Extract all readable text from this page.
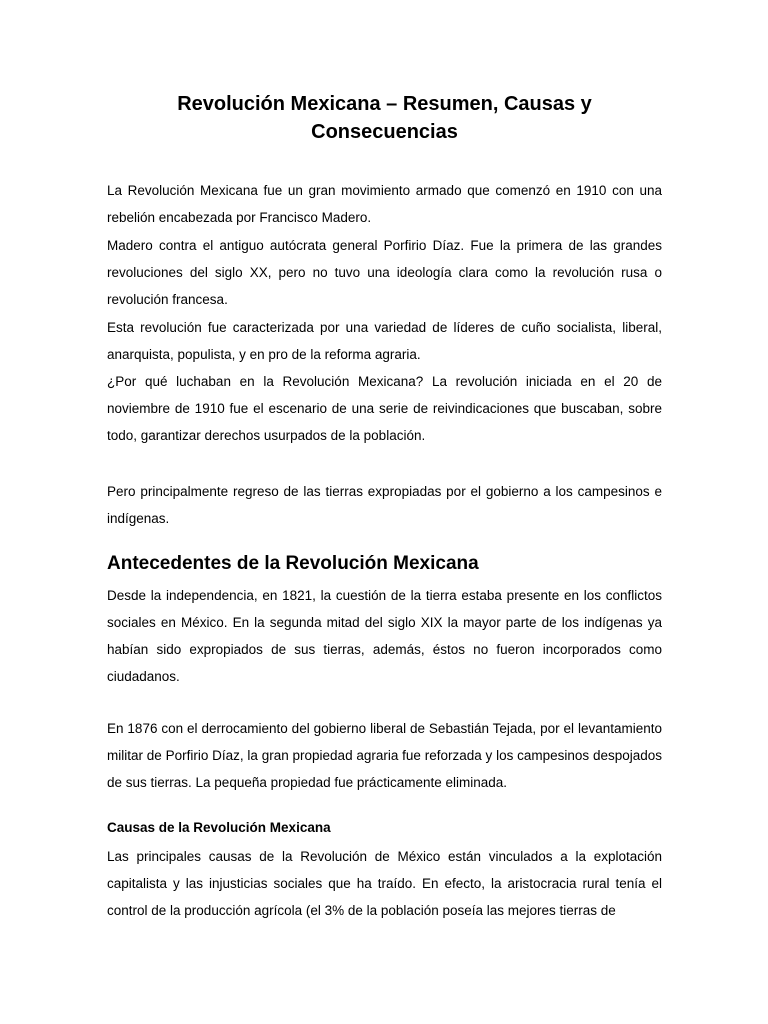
Revolución Mexicana – Resumen, Causas y
Consecuencias

La Revolución Mexicana fue un gran movimiento armado que comenzó en 1910 con una rebelión encabezada por Francisco Madero.

Madero contra el antiguo autócrata general Porfirio Díaz. Fue la primera de las grandes revoluciones del siglo XX, pero no tuvo una ideología clara como la revolución rusa o revolución francesa.

Esta revolución fue caracterizada por una variedad de líderes de cuño socialista, liberal, anarquista, populista, y en pro de la reforma agraria.

¿Por qué luchaban en la Revolución Mexicana? La revolución iniciada en el 20 de noviembre de 1910 fue el escenario de una serie de reivindicaciones que buscaban, sobre todo, garantizar derechos usurpados de la población.

Pero principalmente regreso de las tierras expropiadas por el gobierno a los campesinos e indígenas.

Antecedentes de la Revolución Mexicana

Desde la independencia, en 1821, la cuestión de la tierra estaba presente en los conflictos sociales en México. En la segunda mitad del siglo XIX la mayor parte de los indígenas ya habían sido expropiados de sus tierras, además, éstos no fueron incorporados como ciudadanos.

En 1876 con el derrocamiento del gobierno liberal de Sebastián Tejada, por el levantamiento militar de Porfirio Díaz, la gran propiedad agraria fue reforzada y los campesinos despojados de sus tierras. La pequeña propiedad fue prácticamente eliminada.

Causas de la Revolución Mexicana

Las principales causas de la Revolución de México están vinculados a la explotación capitalista y las injusticias sociales que ha traído. En efecto, la aristocracia rural tenía el control de la producción agrícola (el 3% de la población poseía las mejores tierras de
